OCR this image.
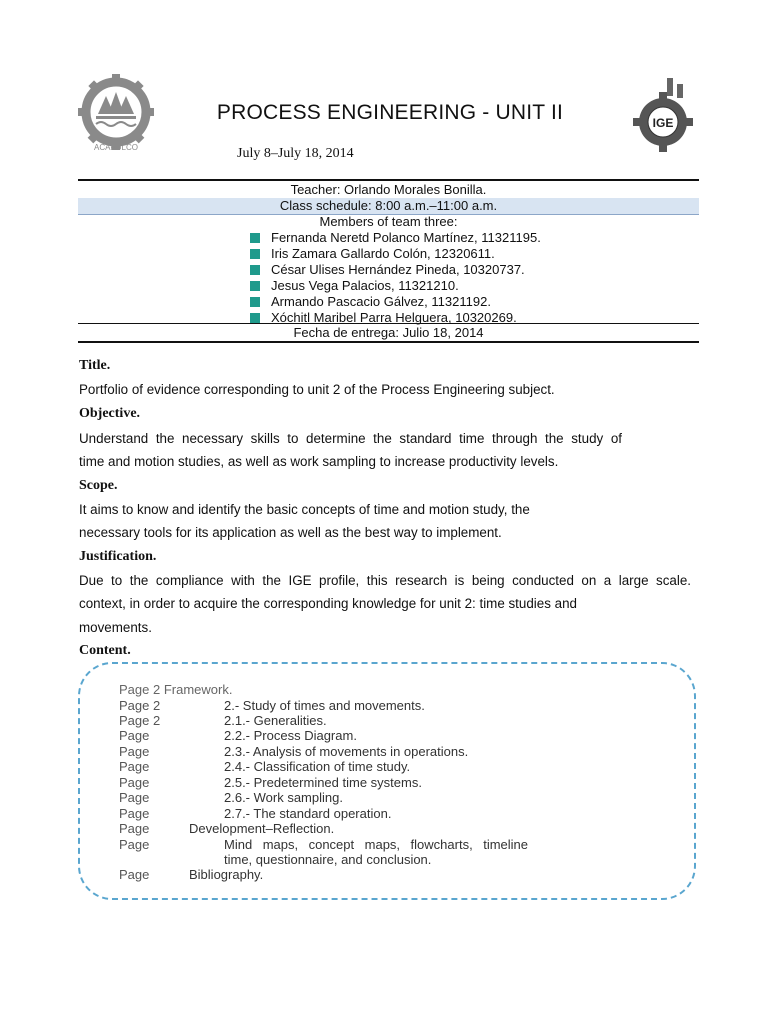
ACAPULCO
IGE
PROCESS ENGINEERING - UNIT II
July 8–July 18, 2014
Teacher: Orlando Morales Bonilla.
Class schedule: 8:00 a.m.–11:00 a.m.
Members of team three:
Fernanda Neretd Polanco Martínez, 11321195.
Iris Zamara Gallardo Colón, 12320611.
César Ulises Hernández Pineda, 10320737.
Jesus Vega Palacios, 11321210.
Armando Pascacio Gálvez, 11321192.
Xóchitl Maribel Parra Helguera, 10320269.
Fecha de entrega: Julio 18, 2014
Title.
Portfolio of evidence corresponding to unit 2 of the Process Engineering subject.
Objective.
Understand the necessary skills to determine the standard time through the study of
time and motion studies, as well as work sampling to increase productivity levels.
Scope.
It aims to know and identify the basic concepts of time and motion study, the
necessary tools for its application as well as the best way to implement.
Justification.
Due to the compliance with the IGE profile, this research is being conducted on a large scale.
context, in order to acquire the corresponding knowledge for unit 2: time studies and
movements.
Content.
Page 2 Framework.
Page 2	2.- Study of times and movements.
Page 2	2.1.- Generalities.
Page	2.2.- Process Diagram.
Page	2.3.- Analysis of movements in operations.
Page	2.4.- Classification of time study.
Page	2.5.- Predetermined time systems.
Page	2.6.- Work sampling.
Page	2.7.- The standard operation.
Page	Development–Reflection.
Page	Mind maps, concept maps, flowcharts, timeline
time, questionnaire, and conclusion.
Page	Bibliography.
